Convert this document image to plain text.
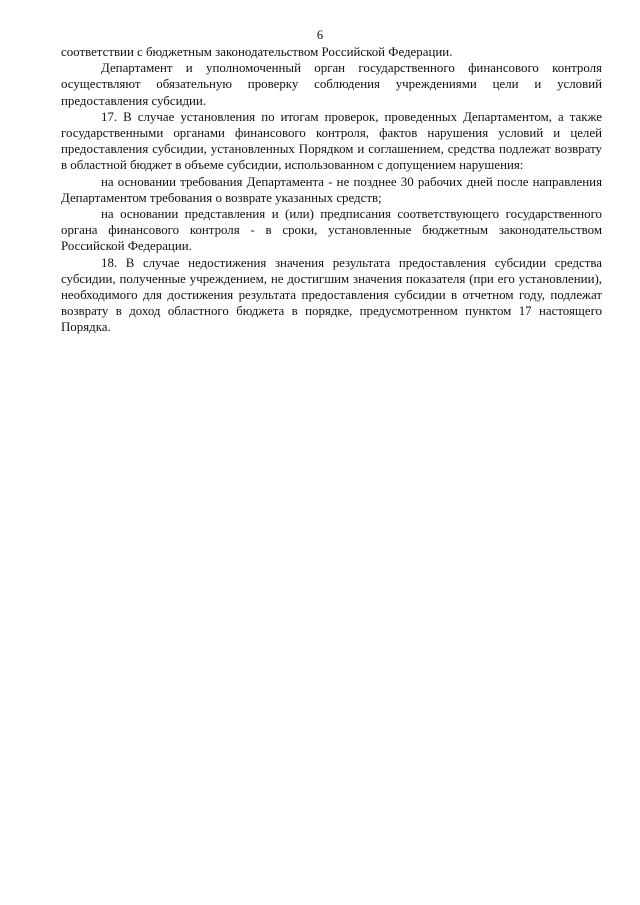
6

соответствии с бюджетным законодательством Российской Федерации.

Департамент и уполномоченный орган государственного финансового контроля осуществляют обязательную проверку соблюдения учреждениями цели и условий предоставления субсидии.

17. В случае установления по итогам проверок, проведенных Департаментом, а также государственными органами финансового контроля, фактов нарушения условий и целей предоставления субсидии, установленных Порядком и соглашением, средства подлежат возврату в областной бюджет в объеме субсидии, использованном с допущением нарушения:

на основании требования Департамента - не позднее 30 рабочих дней после направления Департаментом требования о возврате указанных средств;

на основании представления и (или) предписания соответствующего государственного органа финансового контроля - в сроки, установленные бюджетным законодательством Российской Федерации.

18. В случае недостижения значения результата предоставления субсидии средства субсидии, полученные учреждением, не достигшим значения показателя (при его установлении), необходимого для достижения результата предоставления субсидии в отчетном году, подлежат возврату в доход областного бюджета в порядке, предусмотренном пунктом 17 настоящего Порядка.
